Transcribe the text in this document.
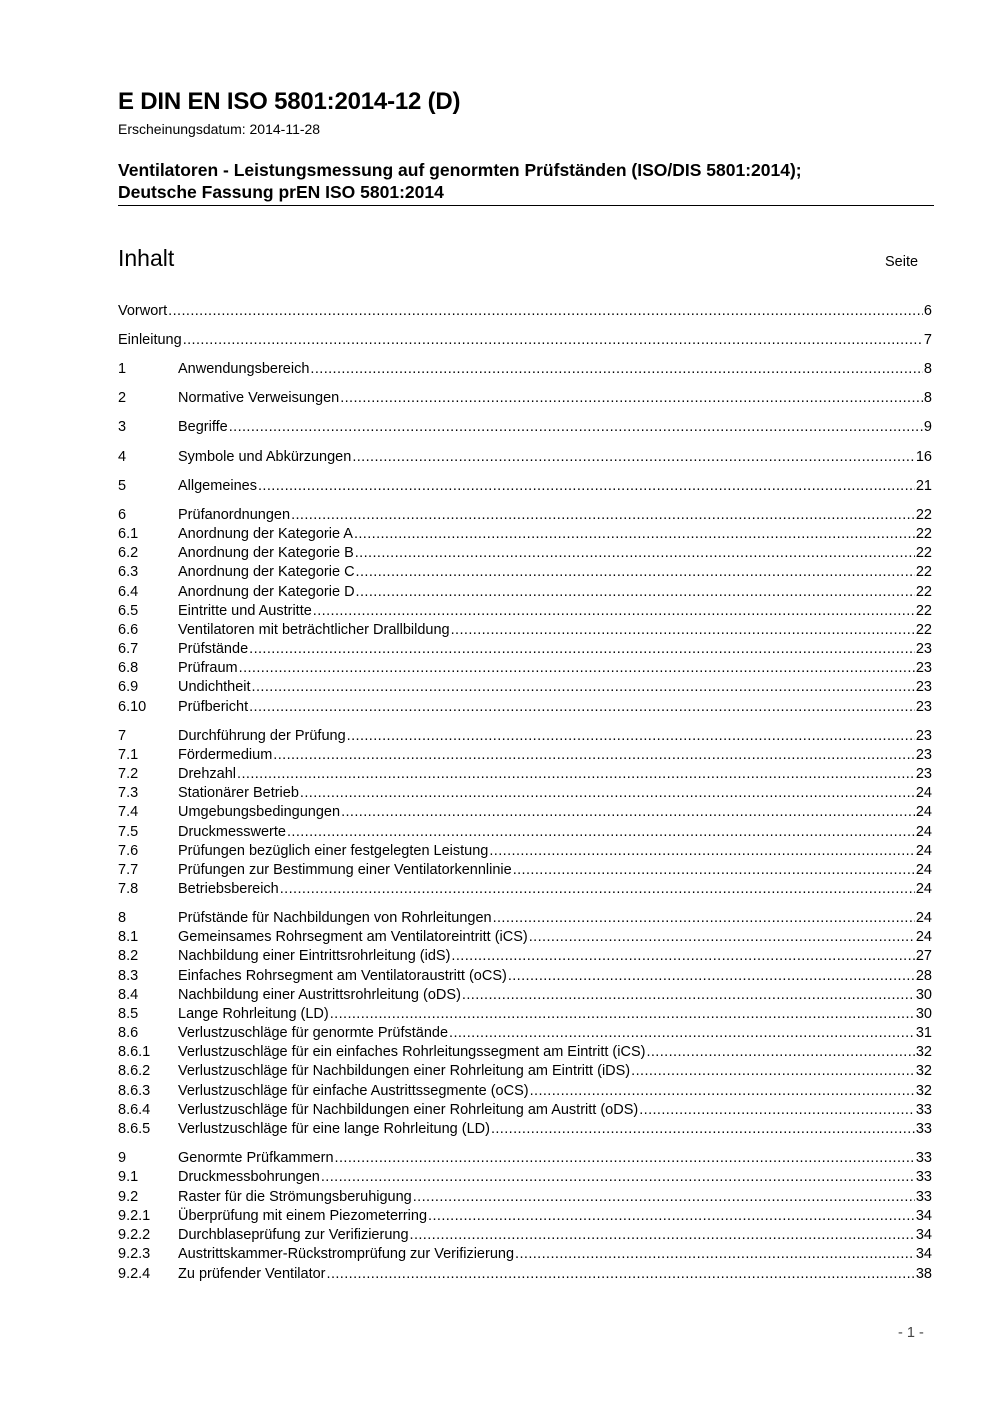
E DIN EN ISO 5801:2014-12 (D)
Erscheinungsdatum: 2014-11-28
Ventilatoren - Leistungsmessung auf genormten Prüfständen (ISO/DIS 5801:2014);
Deutsche Fassung prEN ISO 5801:2014
Inhalt	Seite
Vorwort .....	6
Einleitung .....	7
1	Anwendungsbereich .....	8
2	Normative Verweisungen .....	8
3	Begriffe .....	9
4	Symbole und Abkürzungen .....	16
5	Allgemeines .....	21
6	Prüfanordnungen .....	22
6.1	Anordnung der Kategorie A .....	22
6.2	Anordnung der Kategorie B .....	22
6.3	Anordnung der Kategorie C .....	22
6.4	Anordnung der Kategorie D .....	22
6.5	Eintritte und Austritte .....	22
6.6	Ventilatoren mit beträchtlicher Drallbildung .....	22
6.7	Prüfstände .....	23
6.8	Prüfraum .....	23
6.9	Undichtheit .....	23
6.10	Prüfbericht .....	23
7	Durchführung der Prüfung .....	23
7.1	Fördermedium .....	23
7.2	Drehzahl .....	23
7.3	Stationärer Betrieb .....	24
7.4	Umgebungsbedingungen .....	24
7.5	Druckmesswerte .....	24
7.6	Prüfungen bezüglich einer festgelegten Leistung .....	24
7.7	Prüfungen zur Bestimmung einer Ventilatorkennlinie .....	24
7.8	Betriebsbereich .....	24
8	Prüfstände für Nachbildungen von Rohrleitungen .....	24
8.1	Gemeinsames Rohrsegment am Ventilatoreintritt (iCS) .....	24
8.2	Nachbildung einer Eintrittsrohrleitung (idS) .....	27
8.3	Einfaches Rohrsegment am Ventilatoraustritt (oCS) .....	28
8.4	Nachbildung einer Austrittsrohrleitung (oDS) .....	30
8.5	Lange Rohrleitung (LD) .....	30
8.6	Verlustzuschläge für genormte Prüfstände .....	31
8.6.1	Verlustzuschläge für ein einfaches Rohrleitungssegment am Eintritt (iCS) .....	32
8.6.2	Verlustzuschläge für Nachbildungen einer Rohrleitung am Eintritt (iDS) .....	32
8.6.3	Verlustzuschläge für einfache Austrittssegmente (oCS) .....	32
8.6.4	Verlustzuschläge für Nachbildungen einer Rohrleitung am Austritt (oDS) .....	33
8.6.5	Verlustzuschläge für eine lange Rohrleitung (LD) .....	33
9	Genormte Prüfkammern .....	33
9.1	Druckmessbohrungen .....	33
9.2	Raster für die Strömungsberuhigung .....	33
9.2.1	Überprüfung mit einem Piezometerring .....	34
9.2.2	Durchblaseprüfung zur Verifizierung .....	34
9.2.3	Austrittskammer-Rückstromprüfung zur Verifizierung .....	34
9.2.4	Zu prüfender Ventilator .....	38
- 1 -
